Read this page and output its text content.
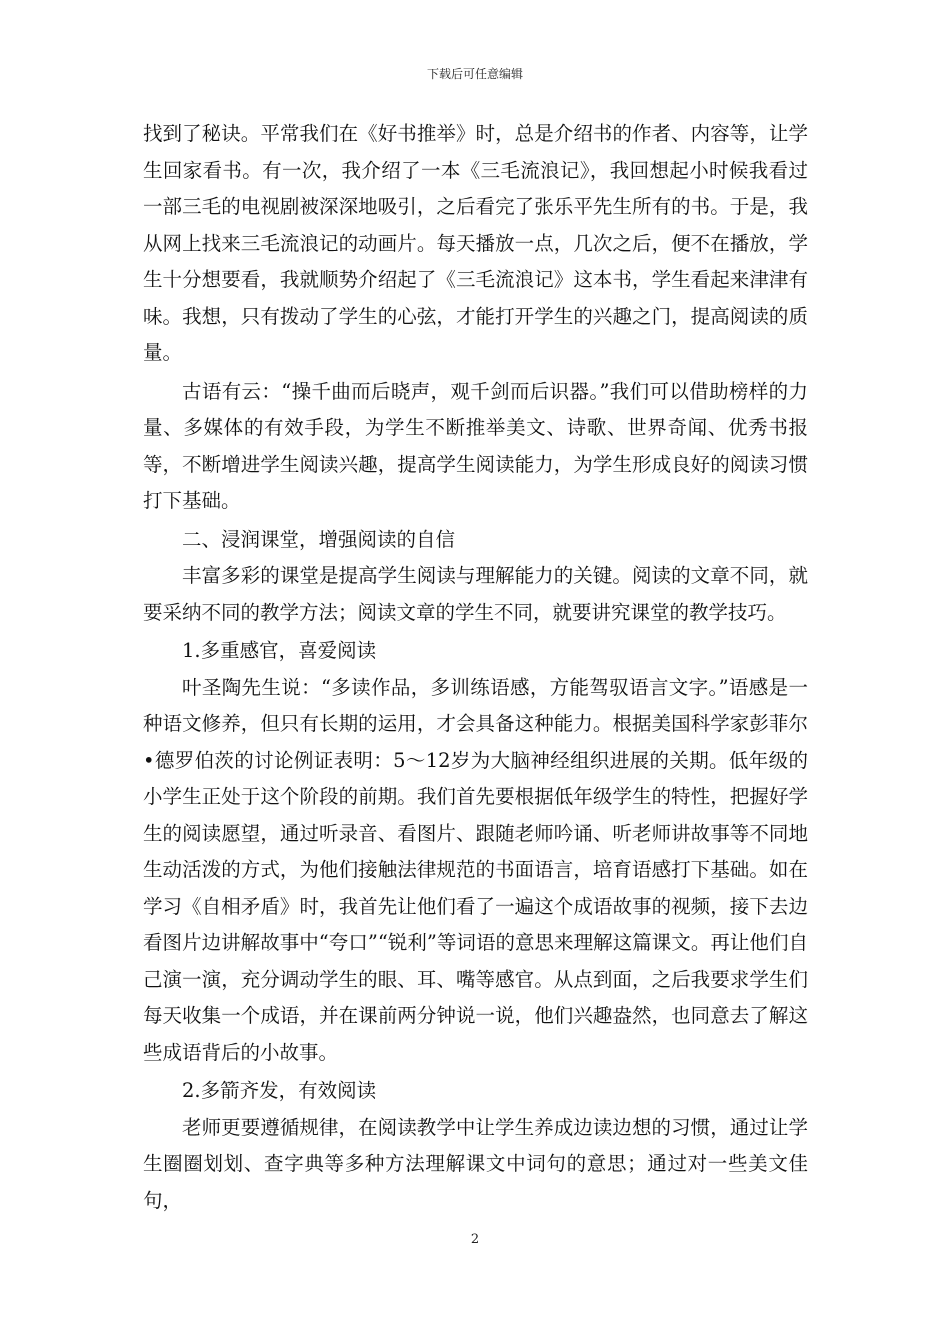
下载后可任意编辑

找到了秘诀。平常我们在《好书推举》时，总是介绍书的作者、内容等，让学生回家看书。有一次，我介绍了一本《三毛流浪记》，我回想起小时候我看过一部三毛的电视剧被深深地吸引，之后看完了张乐平先生所有的书。于是，我从网上找来三毛流浪记的动画片。每天播放一点，几次之后，便不在播放，学生十分想要看，我就顺势介绍起了《三毛流浪记》这本书，学生看起来津津有味。我想，只有拨动了学生的心弦，才能打开学生的兴趣之门，提高阅读的质量。

古语有云：“操千曲而后晓声，观千剑而后识器。”我们可以借助榜样的力量、多媒体的有效手段，为学生不断推举美文、诗歌、世界奇闻、优秀书报等，不断增进学生阅读兴趣，提高学生阅读能力，为学生形成良好的阅读习惯打下基础。

二、浸润课堂，增强阅读的自信

丰富多彩的课堂是提高学生阅读与理解能力的关键。阅读的文章不同，就要采纳不同的教学方法；阅读文章的学生不同，就要讲究课堂的教学技巧。

1.多重感官，喜爱阅读

叶圣陶先生说：“多读作品，多训练语感，方能驾驭语言文字。”语感是一种语文修养，但只有长期的运用，才会具备这种能力。根据美国科学家彭菲尔•德罗伯茨的讨论例证表明：5～12岁为大脑神经组织进展的关期。低年级的小学生正处于这个阶段的前期。我们首先要根据低年级学生的特性，把握好学生的阅读愿望，通过听录音、看图片、跟随老师吟诵、听老师讲故事等不同地生动活泼的方式，为他们接触法律规范的书面语言，培育语感打下基础。如在学习《自相矛盾》时，我首先让他们看了一遍这个成语故事的视频，接下去边看图片边讲解故事中“夸口”“锐利”等词语的意思来理解这篇课文。再让他们自己演一演，充分调动学生的眼、耳、嘴等感官。从点到面，之后我要求学生们每天收集一个成语，并在课前两分钟说一说，他们兴趣盎然，也同意去了解这些成语背后的小故事。

2.多箭齐发，有效阅读

老师更要遵循规律，在阅读教学中让学生养成边读边想的习惯，通过让学生圈圈划划、查字典等多种方法理解课文中词句的意思；通过对一些美文佳句，

2
